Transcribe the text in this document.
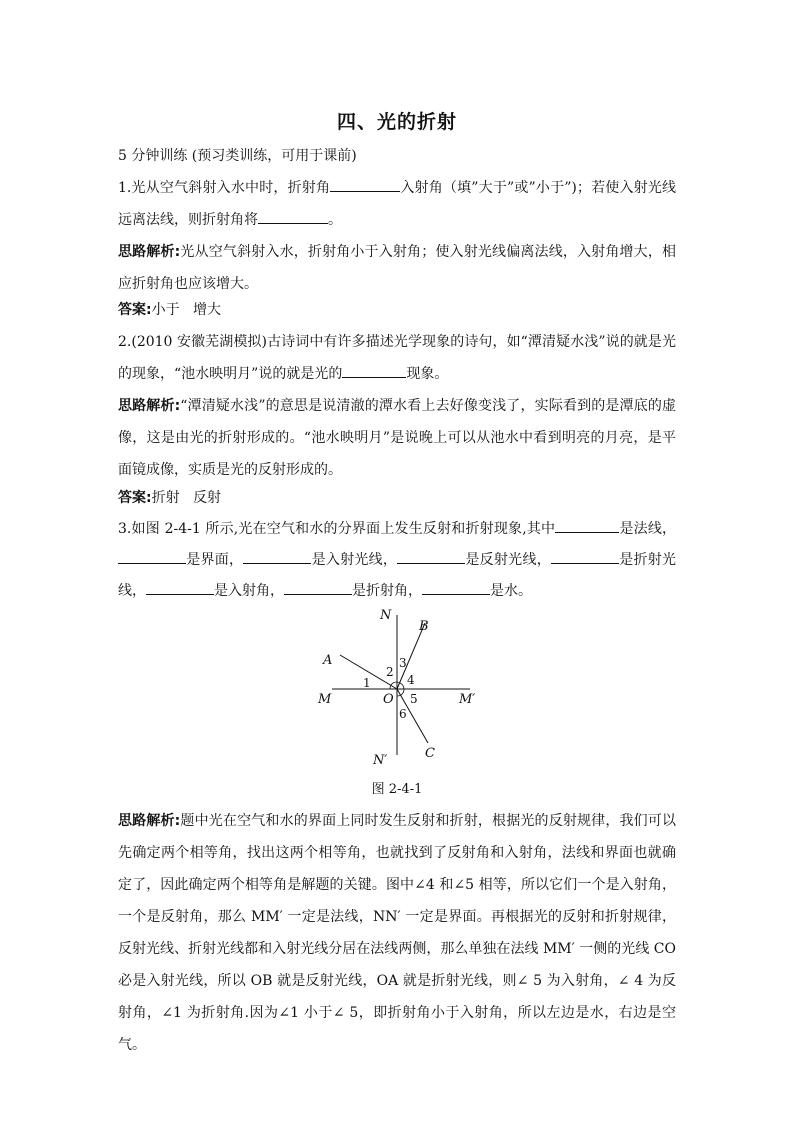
四、光的折射
5 分钟训练 (预习类训练，可用于课前)
1.光从空气斜射入水中时，折射角	入射角（填”大于”或”小于”)；若使入射光线远离法线，则折射角将	。
思路解析:光从空气斜射入水，折射角小于入射角；使入射光线偏离法线，入射角增大，相应折射角也应该增大。
答案:小于   增大
2.(2010 安徽芜湖模拟)古诗词中有许多描述光学现象的诗句，如“潭清疑水浅”说的就是光的现象，“池水映明月”说的就是光的	现象。
思路解析:“潭清疑水浅”的意思是说清澈的潭水看上去好像变浅了，实际看到的是潭底的虚像，这是由光的折射形成的。“池水映明月”是说晚上可以从池水中看到明亮的月亮，是平面镜成像，实质是光的反射形成的。
答案:折射   反射
3.如图 2-4-1 所示,光在空气和水的分界面上发生反射和折射现象,其中	是法线，是界面，	是入射光线，	是反射光线，	是折射光线，	是入射角，	是折射角，	是水。
N
B
A
M	O	M′
N′	C
1
2
3
4
5
6
图 2-4-1
思路解析:题中光在空气和水的界面上同时发生反射和折射，根据光的反射规律，我们可以先确定两个相等角，找出这两个相等角，也就找到了反射角和入射角，法线和界面也就确定了，因此确定两个相等角是解题的关键。图中∠4 和∠5 相等，所以它们一个是入射角，一个是反射角，那么 MM′ 一定是法线，NN′ 一定是界面。再根据光的反射和折射规律，反射光线、折射光线都和入射光线分居在法线两侧，那么单独在法线 MM′ 一侧的光线 CO 必是入射光线，所以 OB 就是反射光线，OA 就是折射光线，则∠ 5 为入射角，∠ 4 为反射角，∠1 为折射角.因为∠1 小于∠ 5，即折射角小于入射角，所以左边是水，右边是空气。
